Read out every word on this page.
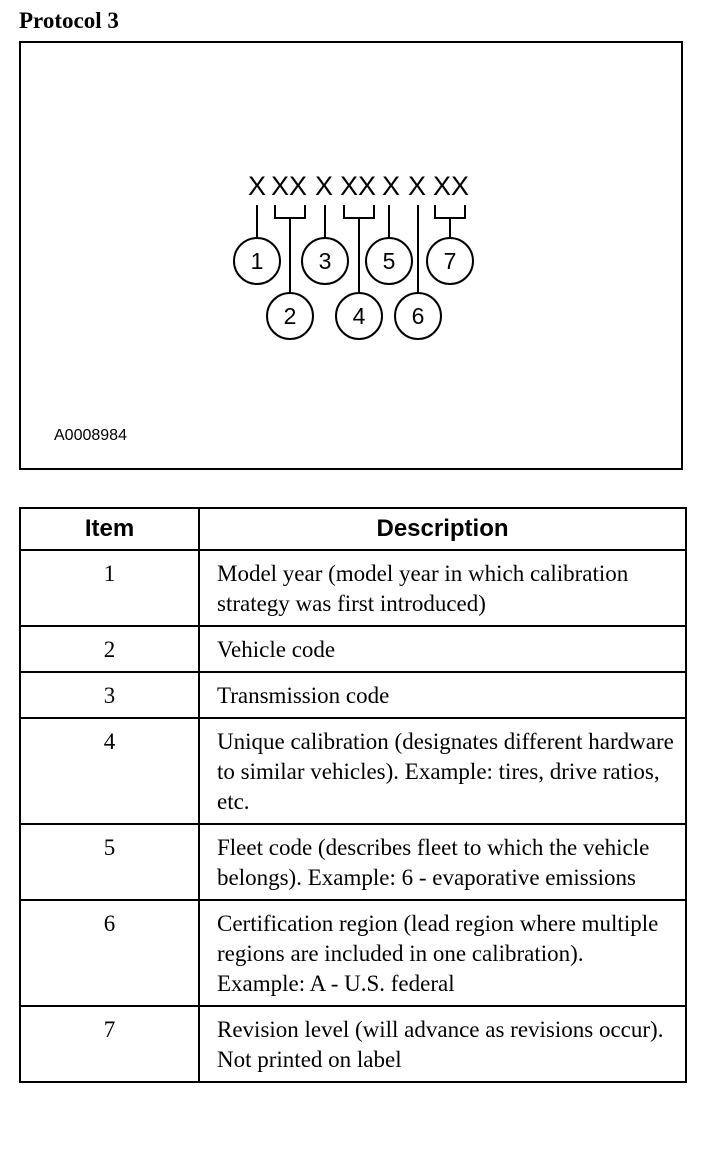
Protocol 3
X XX X XX X X XX
1
2
3
4
5
6
7
A0008984
Item	Description
1	Model year (model year in which calibration strategy was first introduced)
2	Vehicle code
3	Transmission code
4	Unique calibration (designates different hardware to similar vehicles). Example: tires, drive ratios, etc.
5	Fleet code (describes fleet to which the vehicle belongs). Example: 6 - evaporative emissions
6	Certification region (lead region where multiple regions are included in one calibration). Example: A - U.S. federal
7	Revision level (will advance as revisions occur). Not printed on label
